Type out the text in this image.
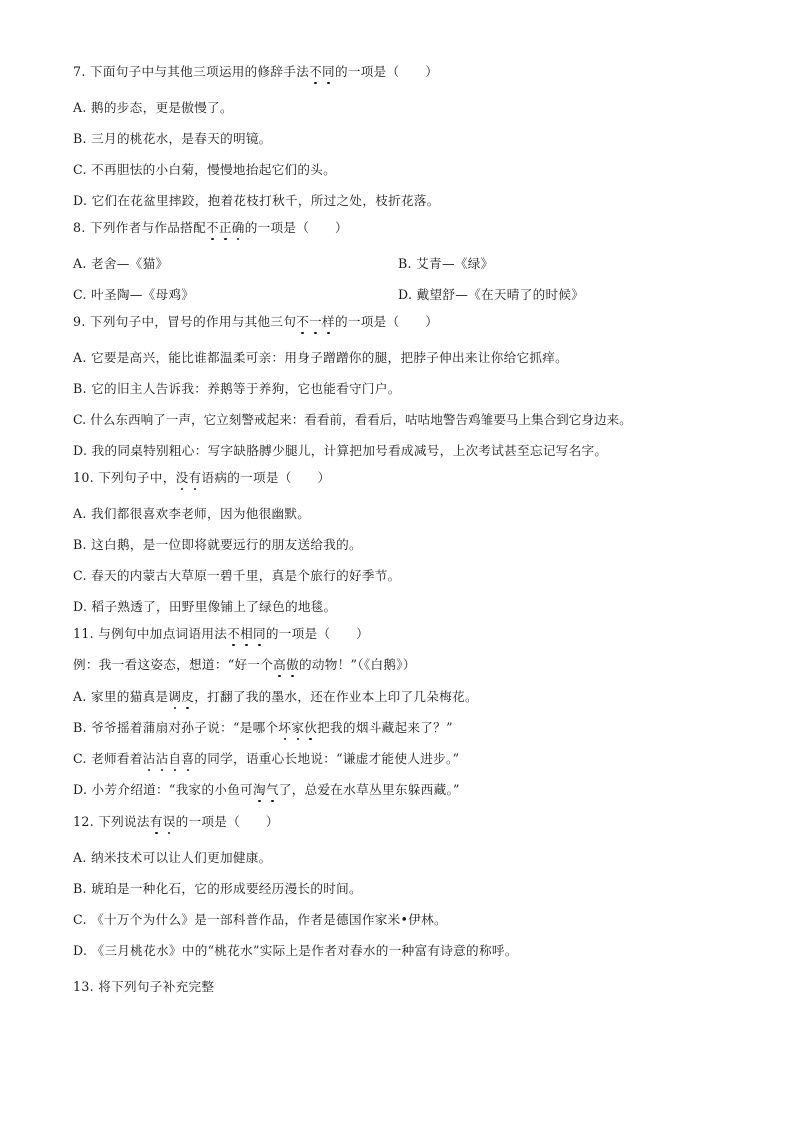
7. 下面句子中与其他三项运用的修辞手法不同的一项是（　　）
A. 鹅的步态，更是傲慢了。
B. 三月的桃花水，是春天的明镜。
C. 不再胆怯的小白菊，慢慢地抬起它们的头。
D. 它们在花盆里摔跤，抱着花枝打秋千，所过之处，枝折花落。
8. 下列作者与作品搭配不正确的一项是（　　）
A. 老舍—《猫》	B. 艾青—《绿》
C. 叶圣陶—《母鸡》	D. 戴望舒—《在天晴了的时候》
9. 下列句子中，冒号的作用与其他三句不一样的一项是（　　）
A. 它要是高兴，能比谁都温柔可亲：用身子蹭蹭你的腿，把脖子伸出来让你给它抓痒。
B. 它的旧主人告诉我：养鹅等于养狗，它也能看守门户。
C. 什么东西响了一声，它立刻警戒起来：看看前，看看后，咕咕地警告鸡雏要马上集合到它身边来。
D. 我的同桌特别粗心：写字缺胳膊少腿儿，计算把加号看成减号，上次考试甚至忘记写名字。
10. 下列句子中，没有语病的一项是（　　）
A. 我们都很喜欢李老师，因为他很幽默。
B. 这白鹅，是一位即将就要远行的朋友送给我的。
C. 春天的内蒙古大草原一碧千里，真是个旅行的好季节。
D. 稻子熟透了，田野里像铺上了绿色的地毯。
11. 与例句中加点词语用法不相同的一项是（　　）
例：我一看这姿态，想道：“好一个高傲的动物！”（《白鹅》）
A. 家里的猫真是调皮，打翻了我的墨水，还在作业本上印了几朵梅花。
B. 爷爷摇着蒲扇对孙子说：“是哪个坏家伙把我的烟斗藏起来了？”
C. 老师看着沾沾自喜的同学，语重心长地说：“谦虚才能使人进步。”
D. 小芳介绍道：“我家的小鱼可淘气了，总爱在水草丛里东躲西藏。”
12. 下列说法有误的一项是（　　）
A. 纳米技术可以让人们更加健康。
B. 琥珀是一种化石，它的形成要经历漫长的时间。
C. 《十万个为什么》是一部科普作品，作者是德国作家米•伊林。
D. 《三月桃花水》中的“桃花水”实际上是作者对春水的一种富有诗意的称呼。
13. 将下列句子补充完整
